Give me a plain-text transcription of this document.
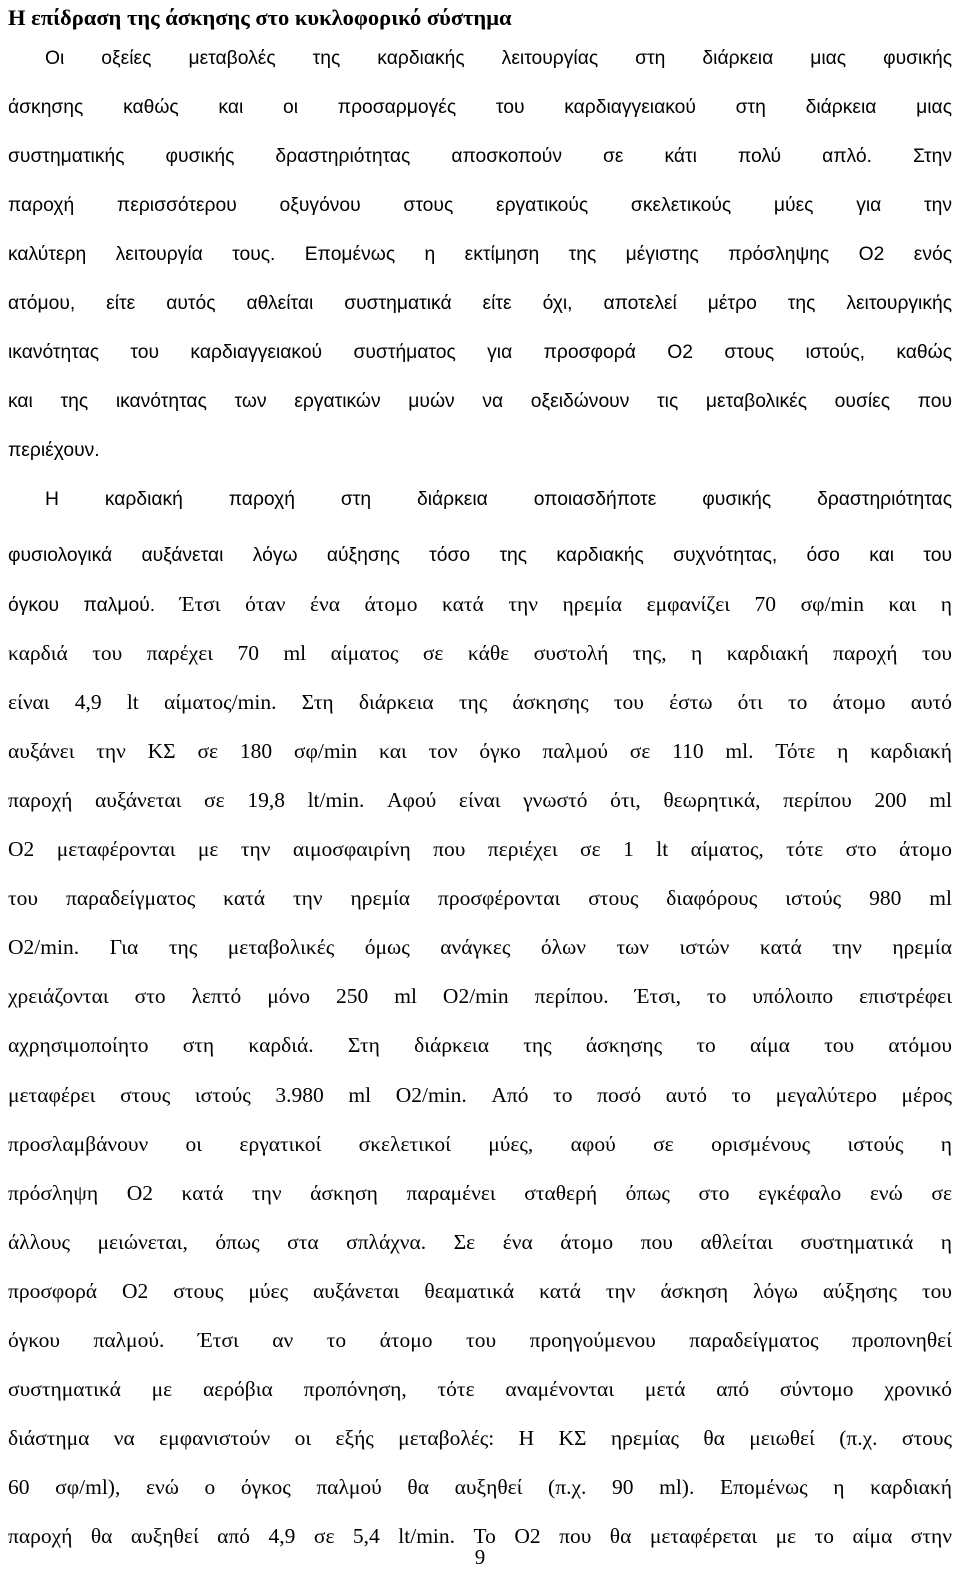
Η επίδραση της άσκησης στο κυκλοφορικό σύστημα
Οι οξείες μεταβολές της καρδιακής λειτουργίας στη διάρκεια μιας φυσικής
άσκησης καθώς και οι προσαρμογές του καρδιαγγειακού στη διάρκεια μιας
συστηματικής φυσικής δραστηριότητας αποσκοπούν σε κάτι πολύ απλό. Στην
παροχή περισσότερου οξυγόνου στους εργατικούς σκελετικούς μύες για την
καλύτερη λειτουργία τους. Επομένως η εκτίμηση της μέγιστης πρόσληψης Ο2 ενός
ατόμου, είτε αυτός αθλείται συστηματικά είτε όχι, αποτελεί μέτρο της λειτουργικής
ικανότητας του καρδιαγγειακού συστήματος για προσφορά Ο2 στους ιστούς, καθώς
και της ικανότητας των εργατικών μυών να οξειδώνουν τις μεταβολικές ουσίες που
περιέχουν.
Η καρδιακή παροχή στη διάρκεια οποιασδήποτε φυσικής δραστηριότητας
φυσιολογικά αυξάνεται λόγω αύξησης τόσο της καρδιακής συχνότητας, όσο και του
όγκου παλμού. Έτσι όταν ένα άτομο κατά την ηρεμία εμφανίζει 70 σφ/min και η
καρδιά του παρέχει 70 ml αίματος σε κάθε συστολή της, η καρδιακή παροχή του
είναι 4,9 lt αίματος/min. Στη διάρκεια της άσκησης του έστω ότι το άτομο αυτό
αυξάνει την ΚΣ σε 180 σφ/min και τον όγκο παλμού σε 110 ml. Τότε η καρδιακή
παροχή αυξάνεται σε 19,8 lt/min. Αφού είναι γνωστό ότι, θεωρητικά, περίπου 200 ml
Ο2 μεταφέρονται με την αιμοσφαιρίνη που περιέχει σε 1 lt αίματος, τότε στο άτομο
του παραδείγματος κατά την ηρεμία προσφέρονται στους διαφόρους ιστούς 980 ml
Ο2/min. Για της μεταβολικές όμως ανάγκες όλων των ιστών κατά την ηρεμία
χρειάζονται στο λεπτό μόνο 250 ml Ο2/min περίπου. Έτσι, το υπόλοιπο επιστρέφει
αχρησιμοποίητο στη καρδιά. Στη διάρκεια της άσκησης το αίμα του ατόμου
μεταφέρει στους ιστούς 3.980 ml Ο2/min. Από το ποσό αυτό το μεγαλύτερο μέρος
προσλαμβάνουν οι εργατικοί σκελετικοί μύες, αφού σε ορισμένους ιστούς η
πρόσληψη Ο2 κατά την άσκηση παραμένει σταθερή όπως στο εγκέφαλο ενώ σε
άλλους μειώνεται, όπως στα σπλάχνα. Σε ένα άτομο που αθλείται συστηματικά η
προσφορά Ο2 στους μύες αυξάνεται θεαματικά κατά την άσκηση λόγω αύξησης του
όγκου παλμού. Έτσι αν το άτομο του προηγούμενου παραδείγματος προπονηθεί
συστηματικά με αερόβια προπόνηση, τότε αναμένονται μετά από σύντομο χρονικό
διάστημα να εμφανιστούν οι εξής μεταβολές: Η ΚΣ ηρεμίας θα μειωθεί (π.χ. στους
60 σφ/ml), ενώ ο όγκος παλμού θα αυξηθεί (π.χ. 90 ml). Επομένως η καρδιακή
παροχή θα αυξηθεί από 4,9 σε 5,4 lt/min. Το Ο2 που θα μεταφέρεται με το αίμα στην
9
